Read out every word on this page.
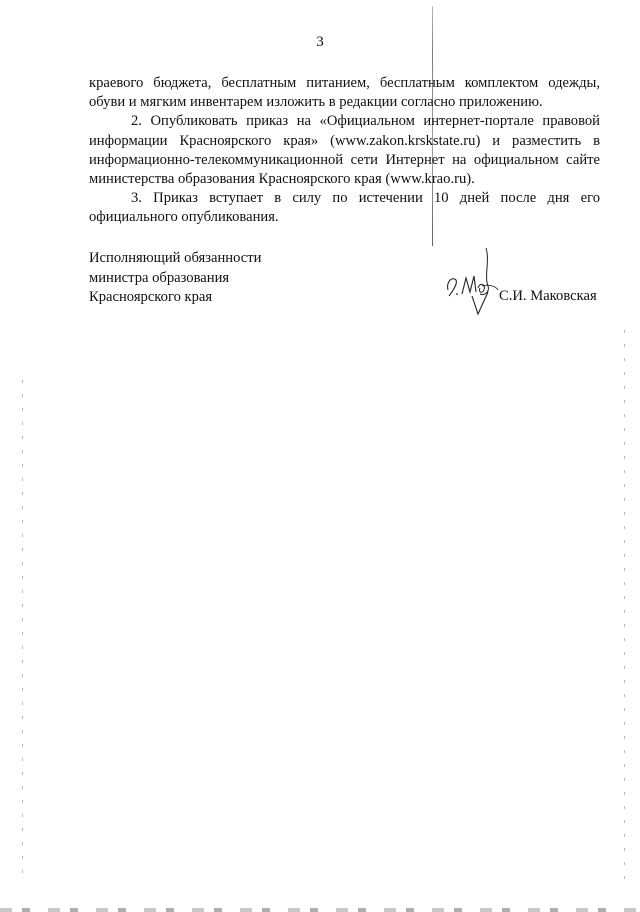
3

краевого бюджета, бесплатным питанием, бесплатным комплектом одежды, обуви и мягким инвентарем изложить в редакции согласно приложению.

2. Опубликовать приказ на «Официальном интернет-портале правовой информации Красноярского края» (www.zakon.krskstate.ru) и разместить в информационно-телекоммуникационной сети Интернет на официальном сайте министерства образования Красноярского края (www.krao.ru).

3. Приказ вступает в силу по истечении 10 дней после дня его официального опубликования.

Исполняющий обязанности
министра образования
Красноярского края	С.И. Маковская
